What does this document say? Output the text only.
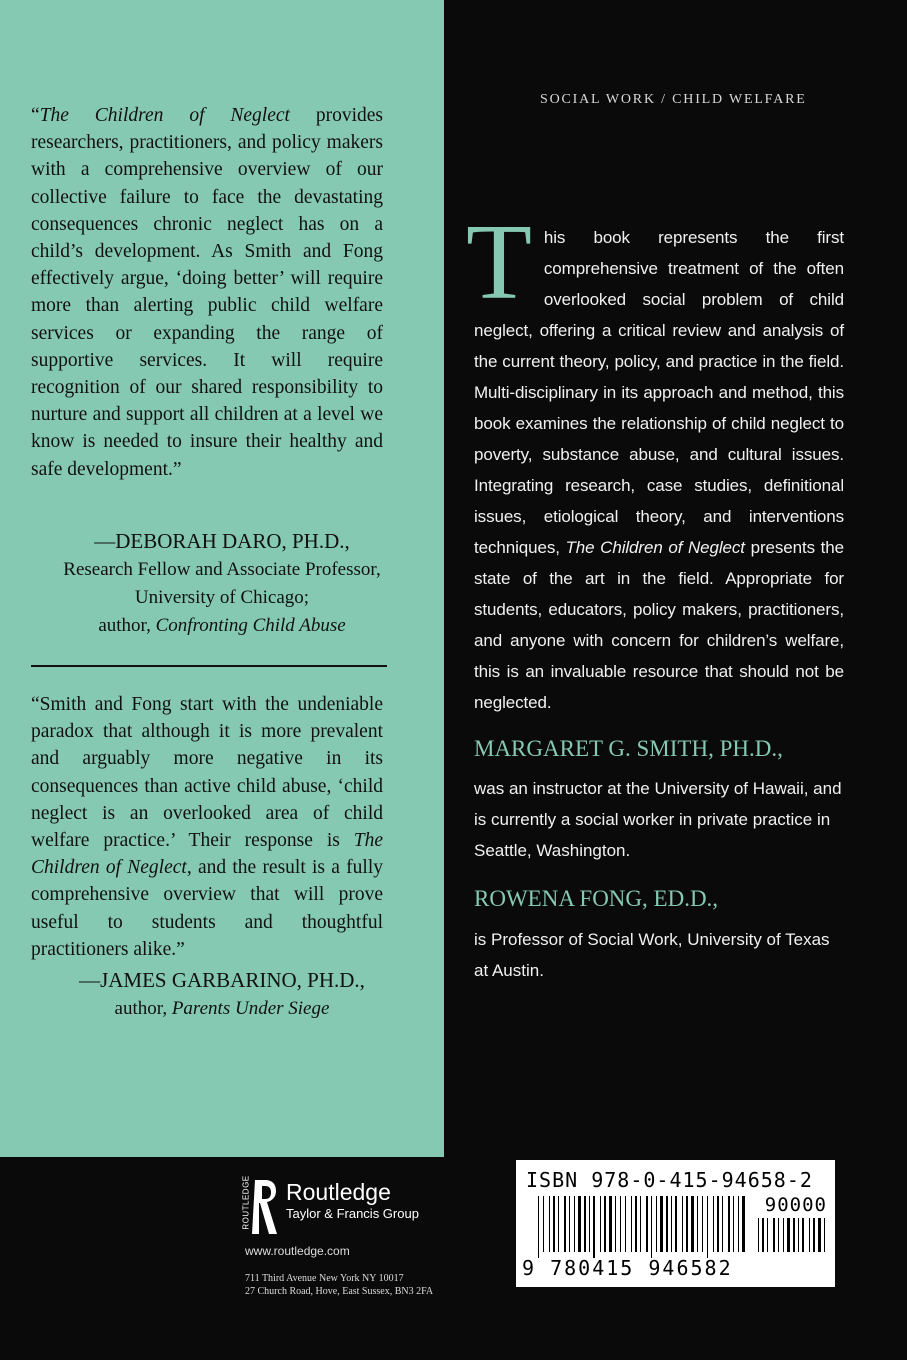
“The Children of Neglect provides researchers, practitioners, and policy makers with a comprehensive overview of our collective failure to face the devastating consequences chronic neglect has on a child’s development. As Smith and Fong effectively argue, ‘doing better’ will require more than alerting public child welfare services or expanding the range of supportive services. It will require recognition of our shared responsibility to nurture and support all children at a level we know is needed to insure their healthy and safe development.”
—DEBORAH DARO, PH.D.,
Research Fellow and Associate Professor,
University of Chicago;
author, Confronting Child Abuse
“Smith and Fong start with the undeniable paradox that although it is more prevalent and arguably more negative in its consequences than active child abuse, ‘child neglect is an overlooked area of child welfare practice.’ Their response is The Children of Neglect, and the result is a fully comprehensive overview that will prove useful to students and thoughtful practitioners alike.”
—JAMES GARBARINO, PH.D.,
author, Parents Under Siege
SOCIAL WORK / CHILD WELFARE
This book represents the first comprehensive treatment of the often overlooked social problem of child neglect, offering a critical review and analysis of the current theory, policy, and practice in the field. Multi-disciplinary in its approach and method, this book examines the relationship of child neglect to poverty, substance abuse, and cultural issues. Integrating research, case studies, definitional issues, etiological theory, and interventions techniques, The Children of Neglect presents the state of the art in the field. Appropriate for students, educators, policy makers, practitioners, and anyone with concern for children’s welfare, this is an invaluable resource that should not be neglected.
MARGARET G. SMITH, PH.D.,
was an instructor at the University of Hawaii, and is currently a social worker in private practice in Seattle, Washington.
ROWENA FONG, ED.D.,
is Professor of Social Work, University of Texas at Austin.
ROUTLEDGE Routledge
Taylor & Francis Group
www.routledge.com
711 Third Avenue New York NY 10017
27 Church Road, Hove, East Sussex, BN3 2FA
ISBN 978-0-415-94658-2
90000
9 780415 946582
